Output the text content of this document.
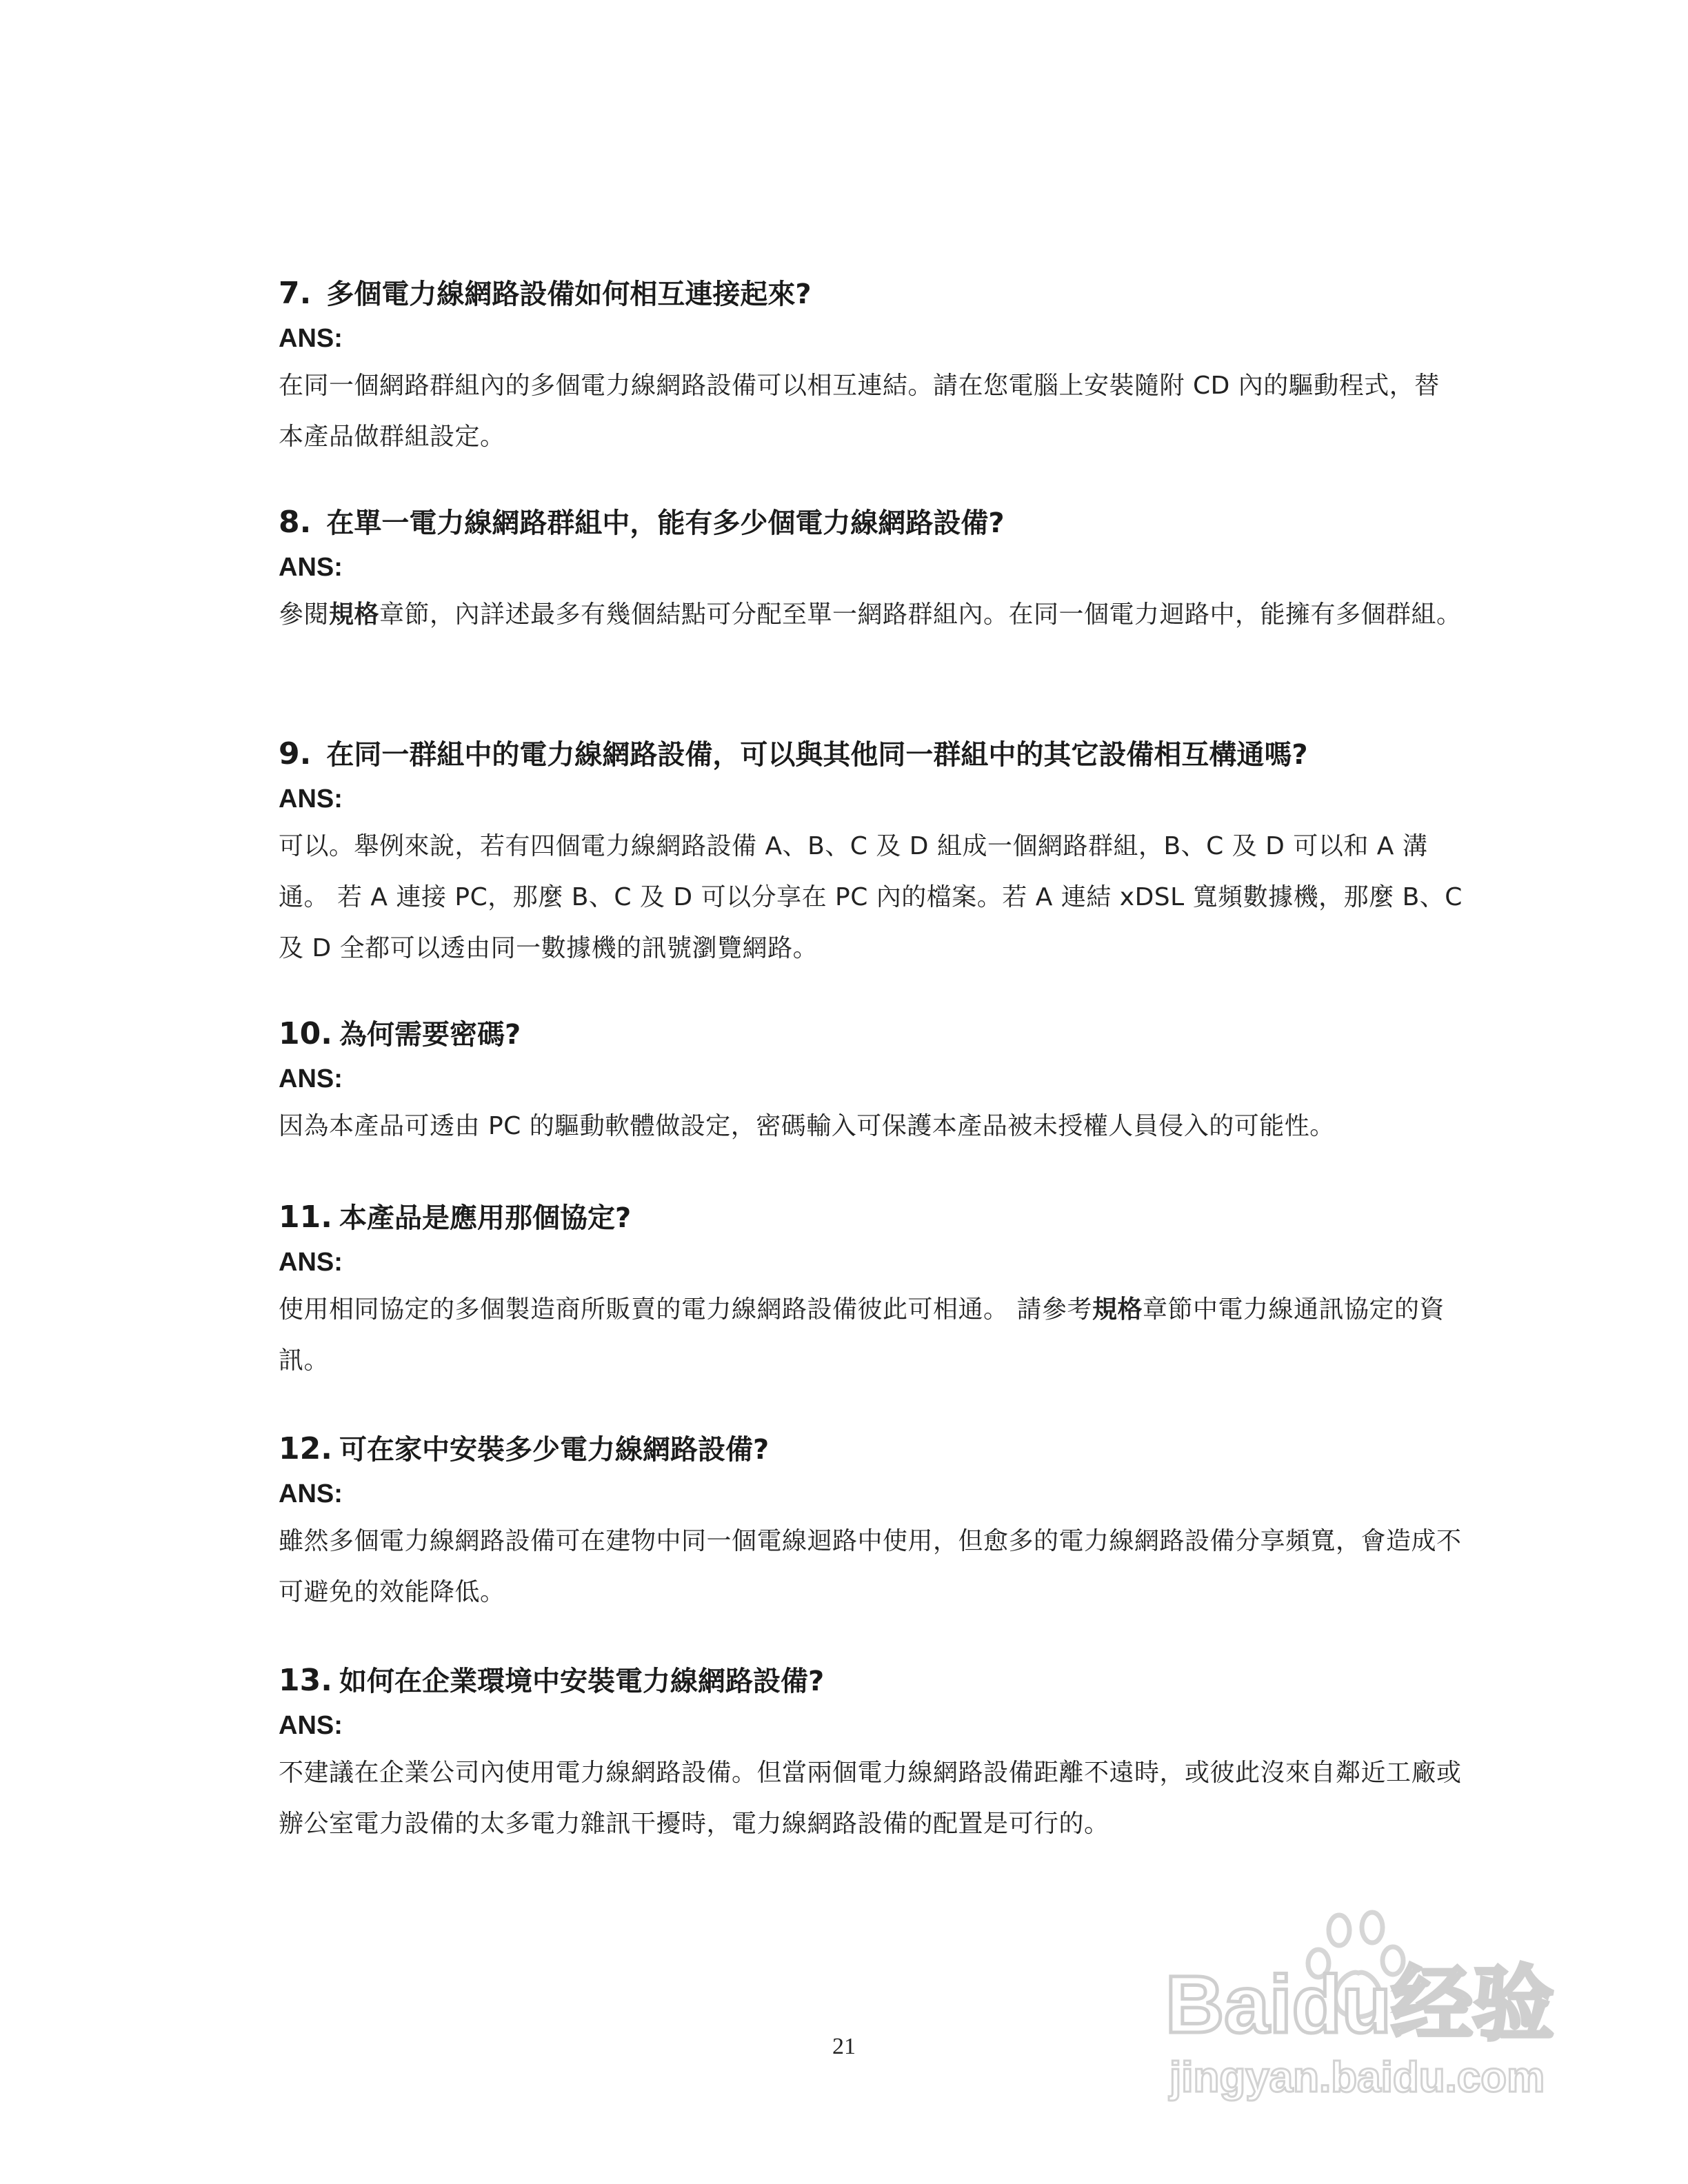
7. 多個電力線網路設備如何相互連接起來?

ANS:

在同一個網路群組內的多個電力線網路設備可以相互連結。請在您電腦上安裝隨附 CD 內的驅動程式，替本產品做群組設定。

8. 在單一電力線網路群組中，能有多少個電力線網路設備?

ANS:

參閱規格章節，內詳述最多有幾個結點可分配至單一網路群組內。在同一個電力迴路中，能擁有多個群組。

9. 在同一群組中的電力線網路設備，可以與其他同一群組中的其它設備相互構通嗎?

ANS:

可以。舉例來說，若有四個電力線網路設備 A、B、C 及 D 組成一個網路群組，B、C 及 D 可以和 A 溝通。 若 A 連接 PC，那麼 B、C 及 D 可以分享在 PC 內的檔案。若 A 連結 xDSL 寬頻數據機，那麼 B、C 及 D 全都可以透由同一數據機的訊號瀏覽網路。

10. 為何需要密碼?

ANS:

因為本產品可透由 PC 的驅動軟體做設定，密碼輸入可保護本產品被未授權人員侵入的可能性。

11. 本產品是應用那個協定?

ANS:

使用相同協定的多個製造商所販賣的電力線網路設備彼此可相通。 請參考規格章節中電力線通訊協定的資訊。

12. 可在家中安裝多少電力線網路設備?

ANS:

雖然多個電力線網路設備可在建物中同一個電線迴路中使用，但愈多的電力線網路設備分享頻寬，會造成不可避免的效能降低。

13. 如何在企業環境中安裝電力線網路設備?

ANS:

不建議在企業公司內使用電力線網路設備。但當兩個電力線網路設備距離不遠時，或彼此沒來自鄰近工廠或辦公室電力設備的太多電力雜訊干擾時，電力線網路設備的配置是可行的。

21	Baidu经验
jingyan.baidu.com
